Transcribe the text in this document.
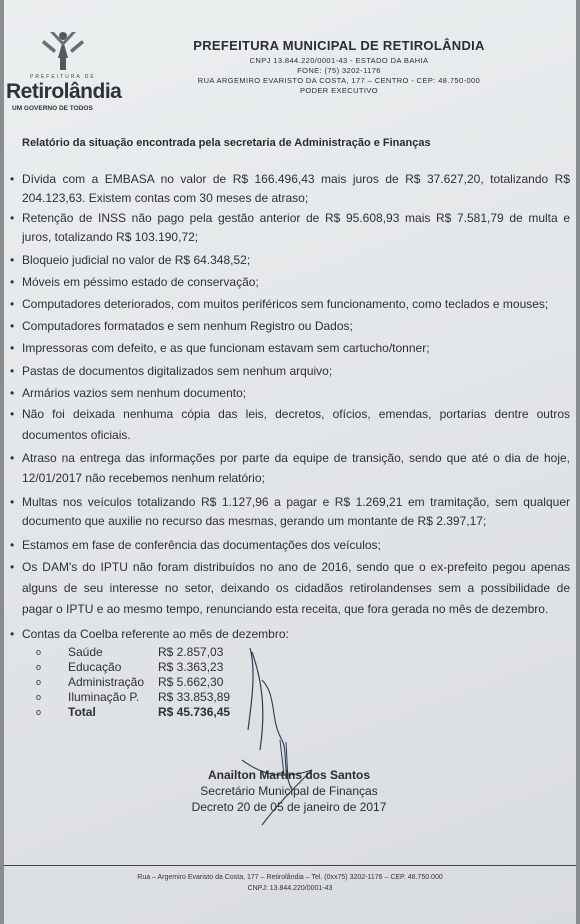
PREFEITURA DE
Retirolândia
UM GOVERNO DE TODOS
PREFEITURA MUNICIPAL DE RETIROLÂNDIA
CNPJ 13.844.220/0001-43 - ESTADO DA BAHIA
FONE: (75) 3202-1176
RUA ARGEMIRO EVARISTO DA COSTA, 177 – CENTRO - CEP: 48.750-000
PODER EXECUTIVO
Relatório da situação encontrada pela secretaria de Administração e Finanças
• Dívida com a EMBASA no valor de R$ 166.496,43 mais juros de R$ 37.627,20, totalizando R$
204.123,63. Existem contas com 30 meses de atraso;
• Retenção de INSS não pago pela gestão anterior de R$ 95.608,93 mais R$ 7.581,79 de multa e
juros, totalizando R$ 103.190,72;
• Bloqueio judicial no valor de R$ 64.348,52;
• Móveis em péssimo estado de conservação;
• Computadores deteriorados, com muitos periféricos sem funcionamento, como teclados e mouses;
• Computadores formatados e sem nenhum Registro ou Dados;
• Impressoras com defeito, e as que funcionam estavam sem cartucho/tonner;
• Pastas de documentos digitalizados sem nenhum arquivo;
• Armários vazios sem nenhum documento;
• Não foi deixada nenhuma cópia das leis, decretos, ofícios, emendas, portarias dentre outros
documentos oficiais.
• Atraso na entrega das informações por parte da equipe de transição, sendo que até o dia de hoje,
12/01/2017 não recebemos nenhum relatório;
• Multas nos veículos totalizando R$ 1.127,96 a pagar e R$ 1.269,21 em tramitação, sem qualquer
documento que auxilie no recurso das mesmas, gerando um montante de R$ 2.397,17;
• Estamos em fase de conferência das documentações dos veículos;
• Os DAM's do IPTU não foram distribuídos no ano de 2016, sendo que o ex-prefeito pegou apenas
alguns de seu interesse no setor, deixando os cidadãos retirolandenses sem a possibilidade de
pagar o IPTU e ao mesmo tempo, renunciando esta receita, que fora gerada no mês de dezembro.
• Contas da Coelba referente ao mês de dezembro:
o Saúde	R$ 2.857,03
o Educação	R$ 3.363,23
o Administração R$ 5.662,30
o Iluminação P. R$ 33.853,89
o Total	R$ 45.736,45
Anailton Martins dos Santos
Secretário Municipal de Finanças
Decreto 20 de 05 de janeiro de 2017
Rua – Argemiro Evaristo da Costa, 177 – Retirolândia – Tel. (0xx75) 3202-1176 – CEP. 48.750.000
CNPJ: 13.844.220/0001-43
